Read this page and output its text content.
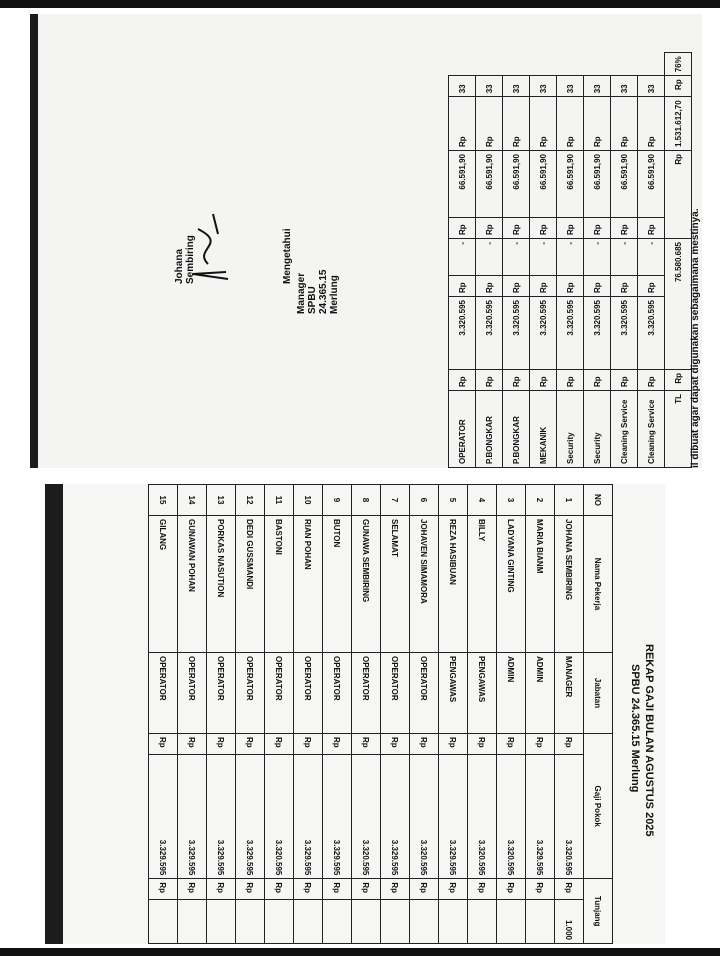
OPERATOR	Rp	3.320.595	Rp	-	Rp	66.591,90	Rp	33	
P.BONGKAR	Rp	3.320.595	Rp	-	Rp	66.591,90	Rp	33	
P.BONGKAR	Rp	3.320.595	Rp	-	Rp	66.591,90	Rp	33	
MEKANIK	Rp	3.320.595	Rp	-	Rp	66.591,90	Rp	33	
Security	Rp	3.320.595	Rp	-	Rp	66.591,90	Rp	33	
Security	Rp	3.320.595	Rp	-	Rp	66.591,90	Rp	33	
Cleaning Service	Rp	3.320.595	Rp	-	Rp	66.591,90	Rp	33	
Cleaning Service	Rp	3.320.595	Rp	-	Rp	66.591,90	Rp	33	
TL	Rp	76.580.685			Rp		1.531.612,70	Rp	76%
il dibuat agar dapat digunakan sebagaimana mestinya.
Mengetahui
Manager SPBU 24.365.15 Merlung
Johana Sembiring
REKAP GAJI BULAN AGUSTUS 2025
SPBU 24.365.15 Merlung
NO	Nama Pekerja	Jabatan	Gaji Pokok		Tunjang	
1	JOHANA SEMBIRING	MANAGER	Rp	3.320.595	Rp	1.000
2	MARIA BIANM	ADMIN	Rp	3.329.595	Rp	
3	LADYANA GINTING	ADMIN	Rp	3.320.595	Rp	
4	BILLY	PENGAWAS	Rp	3.320.595	Rp	
5	REZA HASIBUAN	PENGAWAS	Rp	3.329.595	Rp	
6	JOHAVEN SIMAMORA	OPERATOR	Rp	3.320.595	Rp	
7	SELAMAT	OPERATOR	Rp	3.329.595	Rp	
8	GUNAWA SEMBIRING	OPERATOR	Rp	3.320.595	Rp	
9	BUTON	OPERATOR	Rp	3.329.595	Rp	
10	RIAN POHAN	OPERATOR	Rp	3.329.595	Rp	
11	BASTONI	OPERATOR	Rp	3.320.595	Rp	
12	DEDI GUSSMANDI	OPERATOR	Rp	3.329.595	Rp	
13	PORKAS NASUTION	OPERATOR	Rp	3.329.595	Rp	
14	GUNAWAN POHAN	OPERATOR	Rp	3.329.595	Rp	
15	GILANG	OPERATOR	Rp	3.329.595	Rp	
